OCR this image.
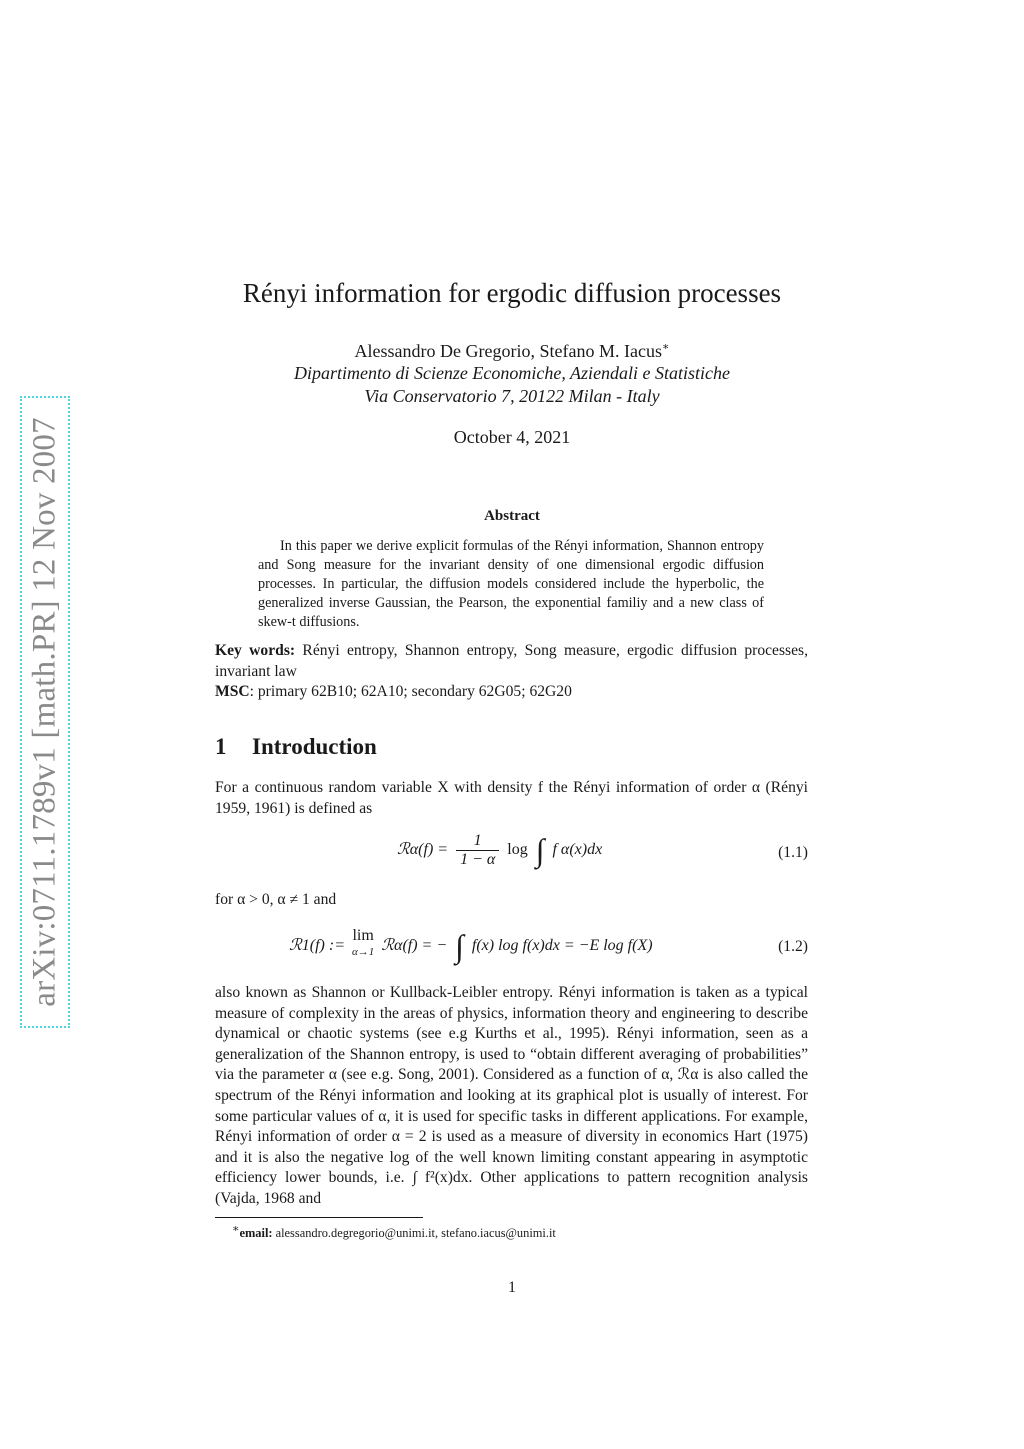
arXiv:0711.1789v1 [math.PR] 12 Nov 2007
Rényi information for ergodic diffusion processes
Alessandro De Gregorio, Stefano M. Iacus∗
Dipartimento di Scienze Economiche, Aziendali e Statistiche
Via Conservatorio 7, 20122 Milan - Italy
October 4, 2021
Abstract
In this paper we derive explicit formulas of the Rényi information, Shannon entropy and Song measure for the invariant density of one dimensional ergodic diffusion processes. In particular, the diffusion models considered include the hyperbolic, the generalized inverse Gaussian, the Pearson, the exponential familiy and a new class of skew-t diffusions.
Key words: Rényi entropy, Shannon entropy, Song measure, ergodic diffusion processes, invariant law
MSC: primary 62B10; 62A10; secondary 62G05; 62G20
1 Introduction
For a continuous random variable X with density f the Rényi information of order α (Rényi 1959, 1961) is defined as
ℛα(f) = $\frac{1}{1 - \alpha}$ log ∫ f α(x)dx	(1.1)
for α > 0, α ≠ 1 and
ℛ1(f) := lim
α→1 ℛα(f) = − ∫ f(x) log f(x)dx = −E log f(X)	(1.2)
also known as Shannon or Kullback-Leibler entropy. Rényi information is taken as a typical measure of complexity in the areas of physics, information theory and engineering to describe dynamical or chaotic systems (see e.g Kurths et al., 1995). Rényi information, seen as a generalization of the Shannon entropy, is used to “obtain different averaging of probabilities” via the parameter α (see e.g. Song, 2001). Considered as a function of α, ℛα is also called the spectrum of the Rényi information and looking at its graphical plot is usually of interest. For some particular values of α, it is used for specific tasks in different applications. For example, Rényi information of order α = 2 is used as a measure of diversity in economics Hart (1975) and it is also the negative log of the well known limiting constant appearing in asymptotic efficiency lower bounds, i.e. ∫ f²(x)dx. Other applications to pattern recognition analysis (Vajda, 1968 and
∗email: alessandro.degregorio@unimi.it, stefano.iacus@unimi.it
1
